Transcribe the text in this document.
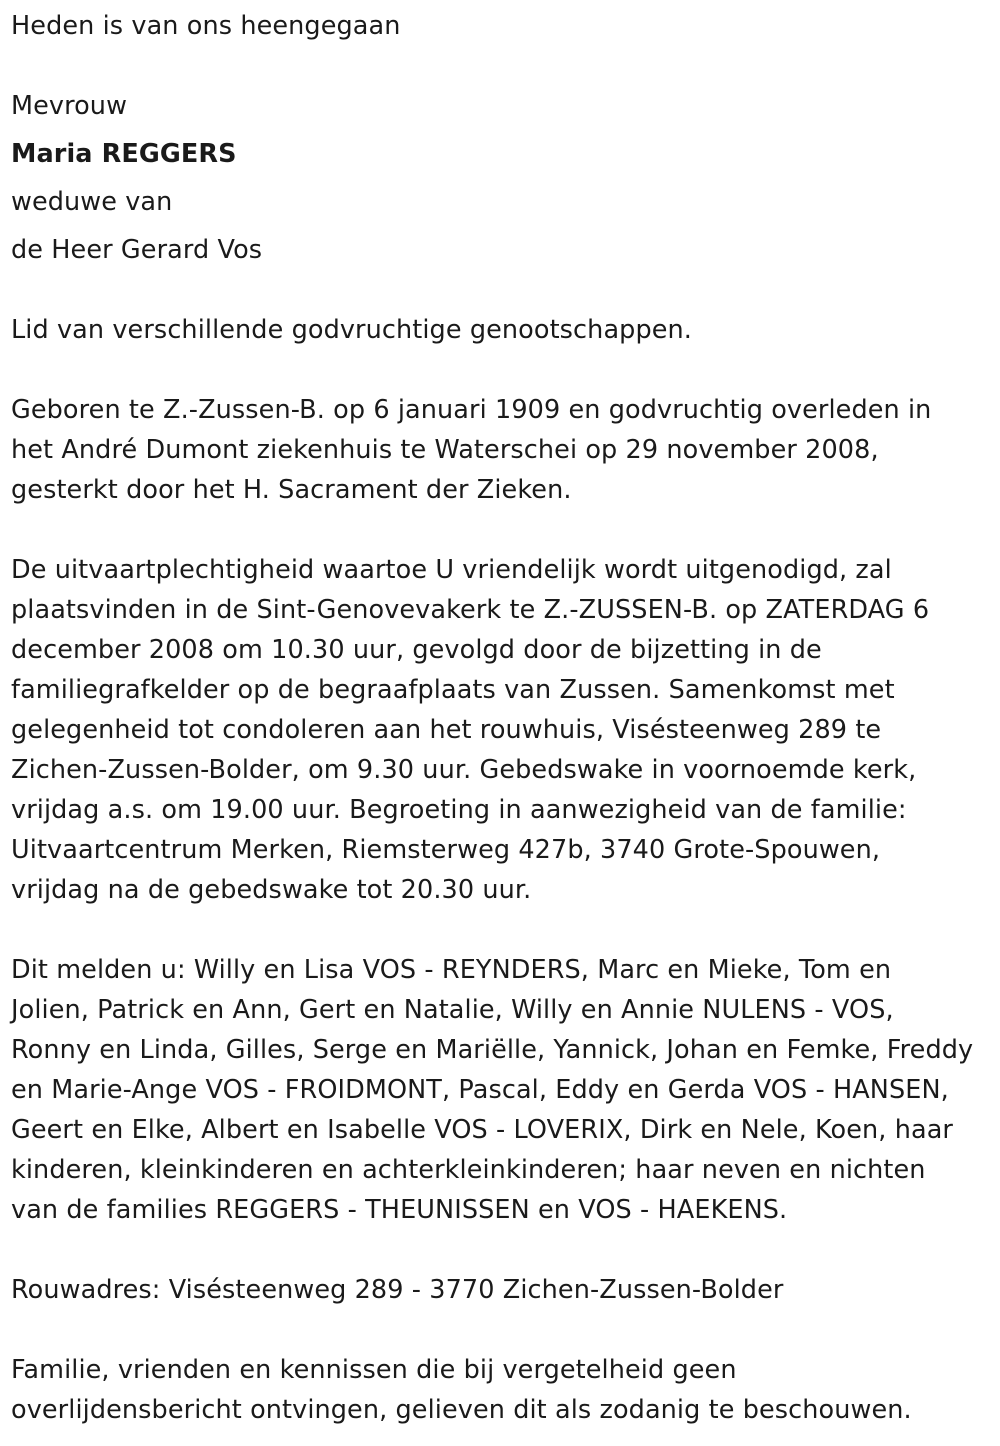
Heden is van ons heengegaan
Mevrouw
Maria REGGERS
weduwe van
de Heer Gerard Vos
Lid van verschillende godvruchtige genootschappen.
Geboren te Z.-Zussen-B. op 6 januari 1909 en godvruchtig overleden in
het André Dumont ziekenhuis te Waterschei op 29 november 2008,
gesterkt door het H. Sacrament der Zieken.
De uitvaartplechtigheid waartoe U vriendelijk wordt uitgenodigd, zal
plaatsvinden in de Sint-Genovevakerk te Z.-ZUSSEN-B. op ZATERDAG 6
december 2008 om 10.30 uur, gevolgd door de bijzetting in de
familiegrafkelder op de begraafplaats van Zussen. Samenkomst met
gelegenheid tot condoleren aan het rouwhuis, Visésteenweg 289 te
Zichen-Zussen-Bolder, om 9.30 uur. Gebedswake in voornoemde kerk,
vrijdag a.s. om 19.00 uur. Begroeting in aanwezigheid van de familie:
Uitvaartcentrum Merken, Riemsterweg 427b, 3740 Grote-Spouwen,
vrijdag na de gebedswake tot 20.30 uur.
Dit melden u: Willy en Lisa VOS - REYNDERS, Marc en Mieke, Tom en
Jolien, Patrick en Ann, Gert en Natalie, Willy en Annie NULENS - VOS,
Ronny en Linda, Gilles, Serge en Mariëlle, Yannick, Johan en Femke, Freddy
en Marie-Ange VOS - FROIDMONT, Pascal, Eddy en Gerda VOS - HANSEN,
Geert en Elke, Albert en Isabelle VOS - LOVERIX, Dirk en Nele, Koen, haar
kinderen, kleinkinderen en achterkleinkinderen; haar neven en nichten
van de families REGGERS - THEUNISSEN en VOS - HAEKENS.
Rouwadres: Visésteenweg 289 - 3770 Zichen-Zussen-Bolder
Familie, vrienden en kennissen die bij vergetelheid geen
overlijdensbericht ontvingen, gelieven dit als zodanig te beschouwen.
